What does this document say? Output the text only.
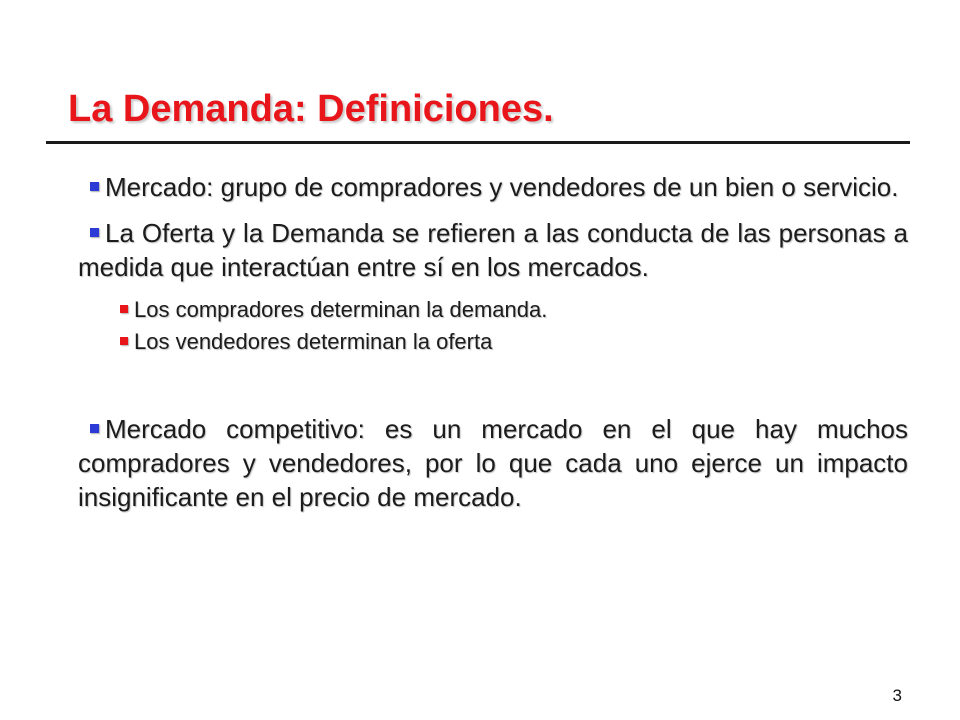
La Demanda: Definiciones.

Mercado: grupo de compradores y vendedores de un bien o servicio.

La Oferta y la Demanda se refieren a las conducta de las personas a medida que interactúan entre sí en los mercados.

Los compradores determinan la demanda.

Los vendedores determinan la oferta

Mercado competitivo: es un mercado en el que hay muchos compradores y vendedores, por lo que cada uno ejerce un impacto insignificante en el precio de mercado.

3
